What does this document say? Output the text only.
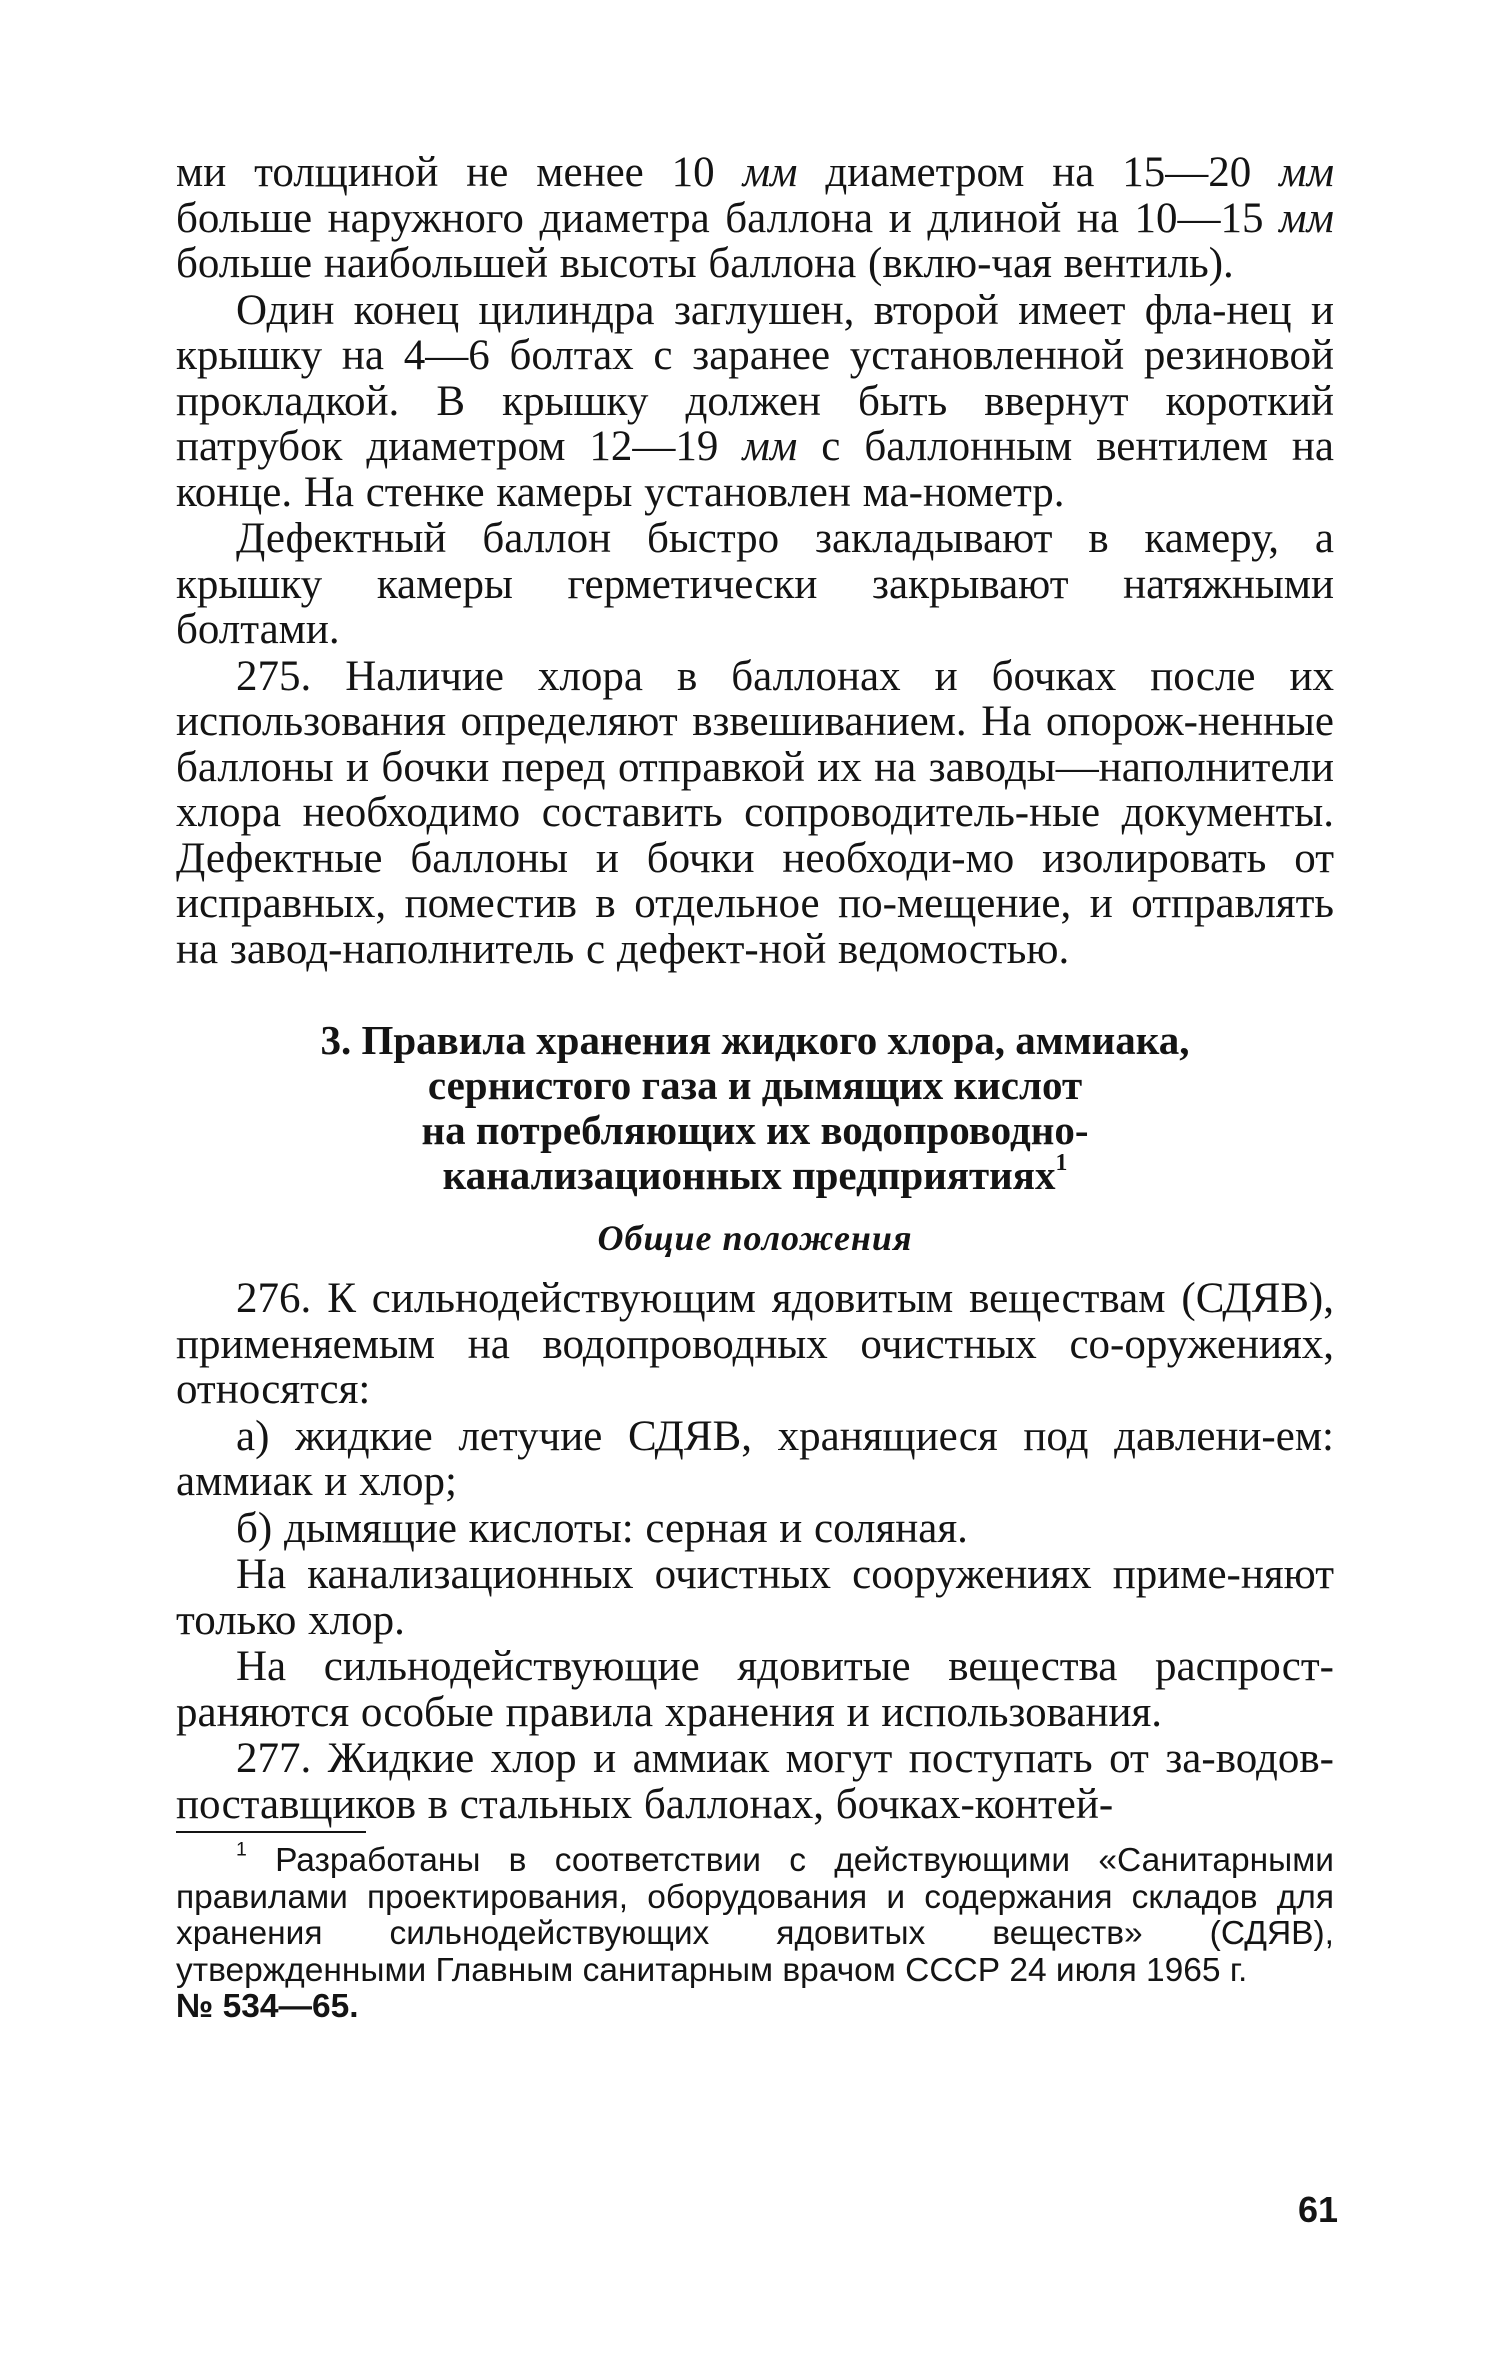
ми толщиной не менее 10 мм диаметром на 15—20 мм больше наружного диаметра баллона и длиной на 10—15 мм больше наибольшей высоты баллона (вклю-чая вентиль).

Один конец цилиндра заглушен, второй имеет фла-нец и крышку на 4—6 болтах с заранее установленной резиновой прокладкой. В крышку должен быть ввернут короткий патрубок диаметром 12—19 мм с баллонным вентилем на конце. На стенке камеры установлен ма-нометр.

Дефектный баллон быстро закладывают в камеру, а крышку камеры герметически закрывают натяжными болтами.

275. Наличие хлора в баллонах и бочках после их использования определяют взвешиванием. На опорож-ненные баллоны и бочки перед отправкой их на заводы—наполнители хлора необходимо составить сопроводитель-ные документы. Дефектные баллоны и бочки необходи-мо изолировать от исправных, поместив в отдельное по-мещение, и отправлять на завод-наполнитель с дефект-ной ведомостью.

3. Правила хранения жидкого хлора, аммиака,
сернистого газа и дымящих кислот
на потребляющих их водопроводно-
канализационных предприятиях$^1$
Общие положения

276. К сильнодействующим ядовитым веществам (СДЯВ), применяемым на водопроводных очистных со-оружениях, относятся:

а) жидкие летучие СДЯВ, хранящиеся под давлени-ем: аммиак и хлор;

б) дымящие кислоты: серная и соляная.

На канализационных очистных сооружениях приме-няют только хлор.

На сильнодействующие ядовитые вещества распрост-раняются особые правила хранения и использования.

277. Жидкие хлор и аммиак могут поступать от за-водов-поставщиков в стальных баллонах, бочках-контей-

$^1$ Разработаны в соответствии с действующими «Санитарными правилами проектирования, оборудования и содержания складов для хранения сильнодействующих ядовитых веществ» (СДЯВ), утвержденными Главным санитарным врачом СССР 24 июля 1965 г.
№ 534—65.

61
